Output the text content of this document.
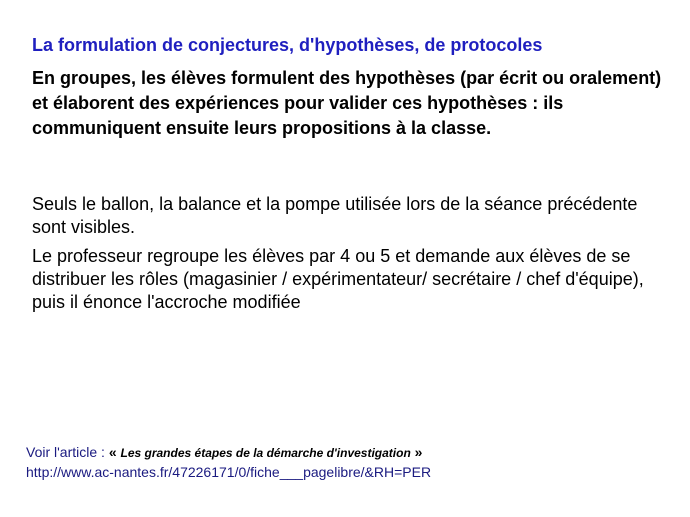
La formulation de conjectures, d'hypothèses, de protocoles
En groupes, les élèves formulent des hypothèses (par écrit ou oralement) et élaborent des expériences pour valider ces hypothèses : ils communiquent ensuite leurs propositions à la classe.
Seuls le ballon, la balance et la pompe utilisée lors de la séance précédente sont visibles.
Le professeur regroupe les élèves par 4 ou 5 et demande aux élèves de se distribuer les rôles (magasinier / expérimentateur/ secrétaire / chef d'équipe), puis il énonce l'accroche modifiée
Voir l'article : « Les grandes étapes de la démarche d'investigation »
http://www.ac-nantes.fr/47226171/0/fiche___pagelibre/&RH=PER
